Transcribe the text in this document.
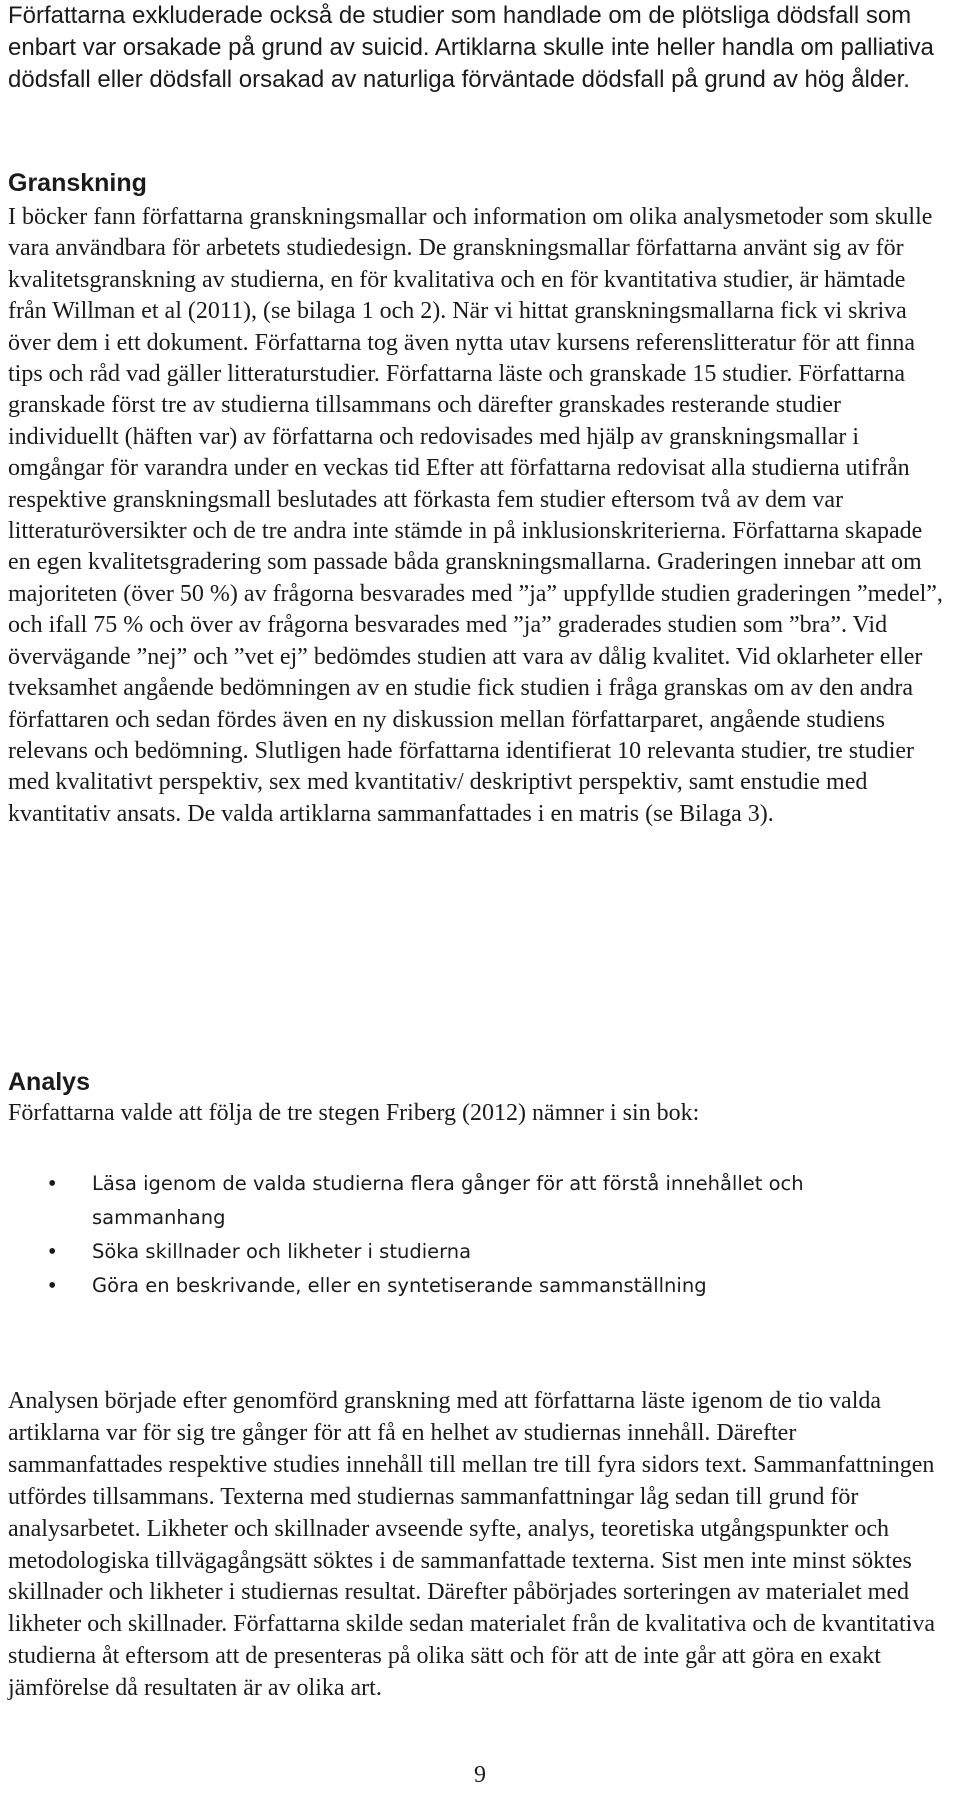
Författarna exkluderade också de studier som handlade om de plötsliga dödsfall som enbart var orsakade på grund av suicid. Artiklarna skulle inte heller handla om palliativa dödsfall eller dödsfall orsakad av naturliga förväntade dödsfall på grund av hög ålder.

Granskning

I böcker fann författarna granskningsmallar och information om olika analysmetoder som skulle vara användbara för arbetets studiedesign. De granskningsmallar författarna använt sig av för kvalitetsgranskning av studierna, en för kvalitativa och en för kvantitativa studier, är hämtade från Willman et al (2011), (se bilaga 1 och 2). När vi hittat granskningsmallarna fick vi skriva över dem i ett dokument. Författarna tog även nytta utav kursens referenslitteratur för att finna tips och råd vad gäller litteraturstudier. Författarna läste och granskade 15 studier. Författarna granskade först tre av studierna tillsammans och därefter granskades resterande studier individuellt (häften var) av författarna och redovisades med hjälp av granskningsmallar i omgångar för varandra under en veckas tid Efter att författarna redovisat alla studierna utifrån respektive granskningsmall beslutades att förkasta fem studier eftersom två av dem var litteraturöversikter och de tre andra inte stämde in på inklusionskriterierna. Författarna skapade en egen kvalitetsgradering som passade båda granskningsmallarna. Graderingen innebar att om majoriteten (över 50 %) av frågorna besvarades med ”ja” uppfyllde studien graderingen ”medel”, och ifall 75 % och över av frågorna besvarades med ”ja” graderades studien som ”bra”. Vid övervägande ”nej” och ”vet ej” bedömdes studien att vara av dålig kvalitet. Vid oklarheter eller tveksamhet angående bedömningen av en studie fick studien i fråga granskas om av den andra författaren och sedan fördes även en ny diskussion mellan författarparet, angående studiens relevans och bedömning. Slutligen hade författarna identifierat 10 relevanta studier, tre studier med kvalitativt perspektiv, sex med kvantitativ/ deskriptivt perspektiv, samt enstudie med kvantitativ ansats. De valda artiklarna sammanfattades i en matris (se Bilaga 3).

Analys

Författarna valde att följa de tre stegen Friberg (2012) nämner i sin bok:

• Läsa igenom de valda studierna flera gånger för att förstå innehållet och sammanhang
• Söka skillnader och likheter i studierna
• Göra en beskrivande, eller en syntetiserande sammanställning

Analysen började efter genomförd granskning med att författarna läste igenom de tio valda artiklarna var för sig tre gånger för att få en helhet av studiernas innehåll. Därefter sammanfattades respektive studies innehåll till mellan tre till fyra sidors text. Sammanfattningen utfördes tillsammans. Texterna med studiernas sammanfattningar låg sedan till grund för analysarbetet. Likheter och skillnader avseende syfte, analys, teoretiska utgångspunkter och metodologiska tillvägagångsätt söktes i de sammanfattade texterna. Sist men inte minst söktes skillnader och likheter i studiernas resultat. Därefter påbörjades sorteringen av materialet med likheter och skillnader. Författarna skilde sedan materialet från de kvalitativa och de kvantitativa studierna åt eftersom att de presenteras på olika sätt och för att de inte går att göra en exakt jämförelse då resultaten är av olika art.

9
